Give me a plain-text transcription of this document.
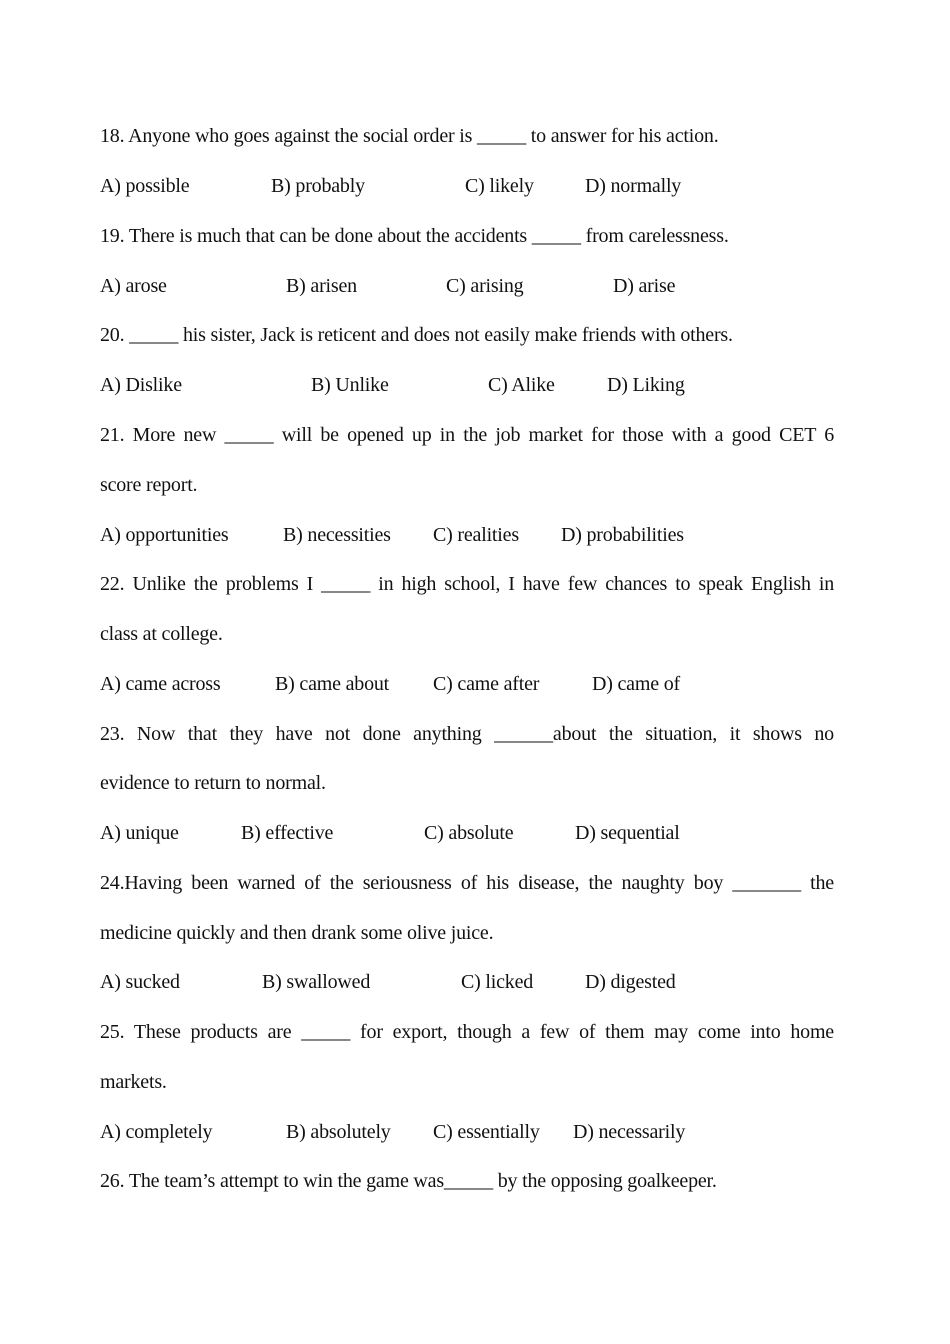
18. Anyone who goes against the social order is _____ to answer for his action.
A) possible	B) probably	C) likely	D) normally
19. There is much that can be done about the accidents _____ from carelessness.
A) arose	B) arisen	C) arising	D) arise
20. _____ his sister, Jack is reticent and does not easily make friends with others.
A) Dislike	B) Unlike	C) Alike	D) Liking
21. More new _____ will be opened up in the job market for those with a good CET 6
score report.
A) opportunities	B) necessities C) realities D) probabilities
22. Unlike the problems I _____ in high school, I have few chances to speak English in
class at college.
A) came across	B) came about C) came after	D) came of
23. Now that they have not done anything ______about the situation, it shows no
evidence to return to normal.
A) unique	B) effective	C) absolute	D) sequential
24.Having been warned of the seriousness of his disease, the naughty boy _______ the
medicine quickly and then drank some olive juice.
A) sucked	B) swallowed	C) licked	D) digested
25. These products are _____ for export, though a few of them may come into home
markets.
A) completely	B) absolutely C) essentially D) necessarily
26. The team’s attempt to win the game was_____ by the opposing goalkeeper.
